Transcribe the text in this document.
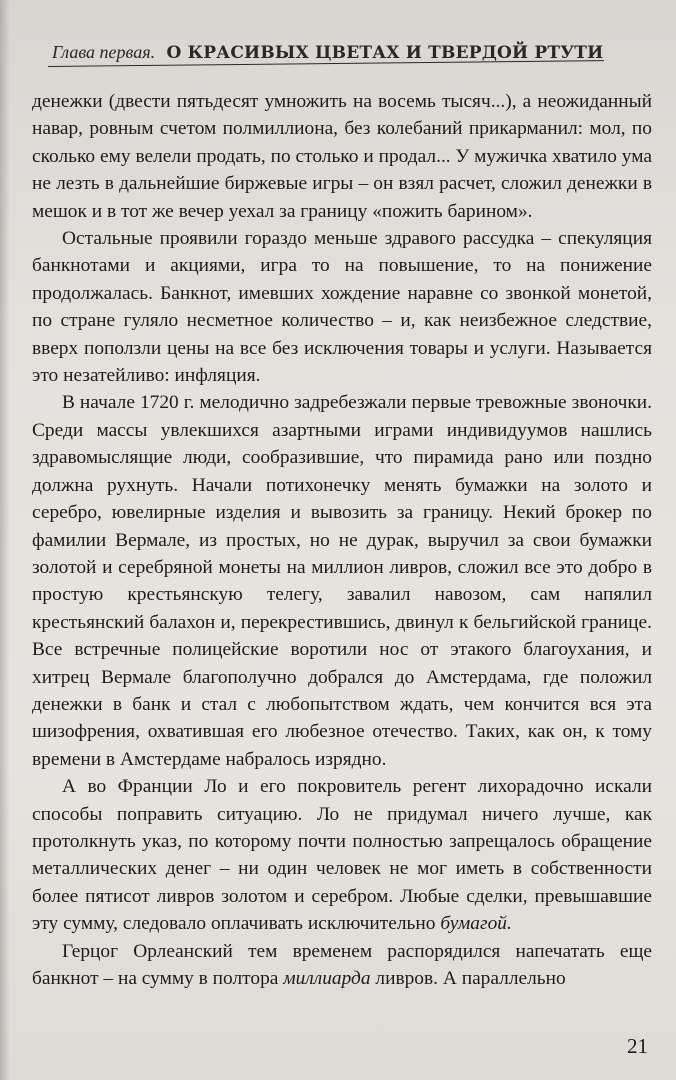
Глава первая. О КРАСИВЫХ ЦВЕТАХ И ТВЕРДОЙ РТУТИ

денежки (двести пятьдесят умножить на восемь тысяч...), а неожиданный навар, ровным счетом полмиллиона, без колебаний прикарманил: мол, по сколько ему велели продать, по столько и продал... У мужичка хватило ума не лезть в дальнейшие биржевые игры – он взял расчет, сложил денежки в мешок и в тот же вечер уехал за границу «пожить барином».

Остальные проявили гораздо меньше здравого рассудка – спекуляция банкнотами и акциями, игра то на повышение, то на понижение продолжалась. Банкнот, имевших хождение наравне со звонкой монетой, по стране гуляло несметное количество – и, как неизбежное следствие, вверх поползли цены на все без исключения товары и услуги. Называется это незатейливо: инфляция.

В начале 1720 г. мелодично задребезжали первые тревожные звоночки. Среди массы увлекшихся азартными играми индивидуумов нашлись здравомыслящие люди, сообразившие, что пирамида рано или поздно должна рухнуть. Начали потихонечку менять бумажки на золото и серебро, ювелирные изделия и вывозить за границу. Некий брокер по фамилии Вермале, из простых, но не дурак, выручил за свои бумажки золотой и серебряной монеты на миллион ливров, сложил все это добро в простую крестьянскую телегу, завалил навозом, сам напялил крестьянский балахон и, перекрестившись, двинул к бельгийской границе. Все встречные полицейские воротили нос от этакого благоухания, и хитрец Вермале благополучно добрался до Амстердама, где положил денежки в банк и стал с любопытством ждать, чем кончится вся эта шизофрения, охватившая его любезное отечество. Таких, как он, к тому времени в Амстердаме набралось изрядно.

А во Франции Ло и его покровитель регент лихорадочно искали способы поправить ситуацию. Ло не придумал ничего лучше, как протолкнуть указ, по которому почти полностью запрещалось обращение металлических денег – ни один человек не мог иметь в собственности более пятисот ливров золотом и серебром. Любые сделки, превышавшие эту сумму, следовало оплачивать исключительно бумагой.

Герцог Орлеанский тем временем распорядился напечатать еще банкнот – на сумму в полтора миллиарда ливров. А параллельно

21
